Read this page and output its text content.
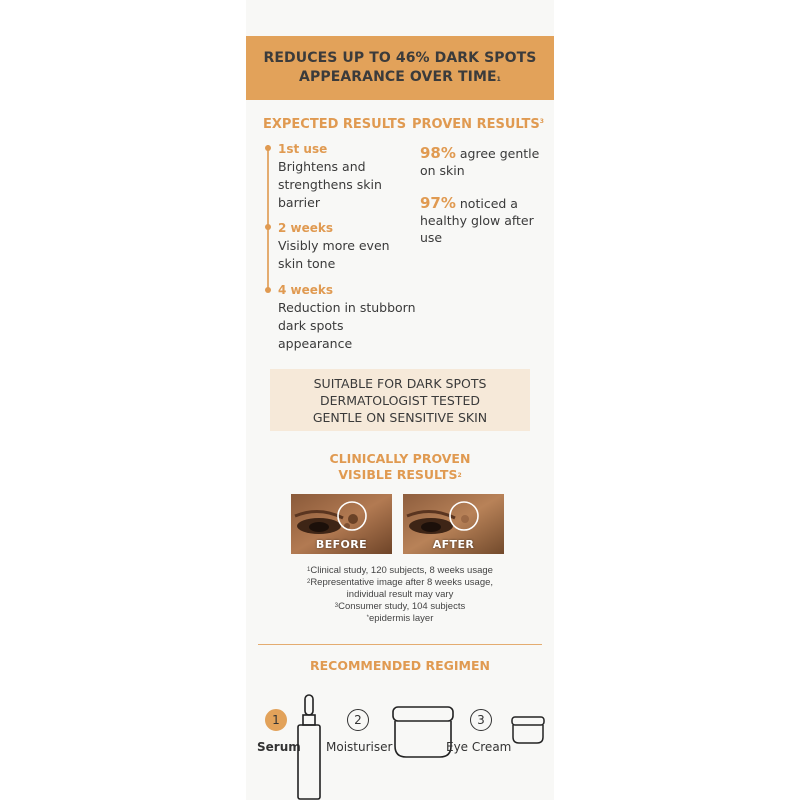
REDUCES UP TO 46% DARK SPOTS
APPEARANCE OVER TIME$^1$
EXPECTED RESULTS PROVEN RESULTS$^3$
1st use
Brightens and strengthens skin barrier
2 weeks
Visibly more even skin tone
4 weeks
Reduction in stubborn dark spots appearance
98% agree gentle on skin
97% noticed a healthy glow after use
SUITABLE FOR DARK SPOTS
DERMATOLOGIST TESTED
GENTLE ON SENSITIVE SKIN
CLINICALLY PROVEN
VISIBLE RESULTS$^2$
BEFORE	AFTER
$^1$Clinical study, 120 subjects, 8 weeks usage
$^2$Representative image after 8 weeks usage,
individual result may vary
$^3$Consumer study, 104 subjects
*epidermis layer
RECOMMENDED REGIMEN
1
Serum
2
Moisturiser
3
Eye Cream
